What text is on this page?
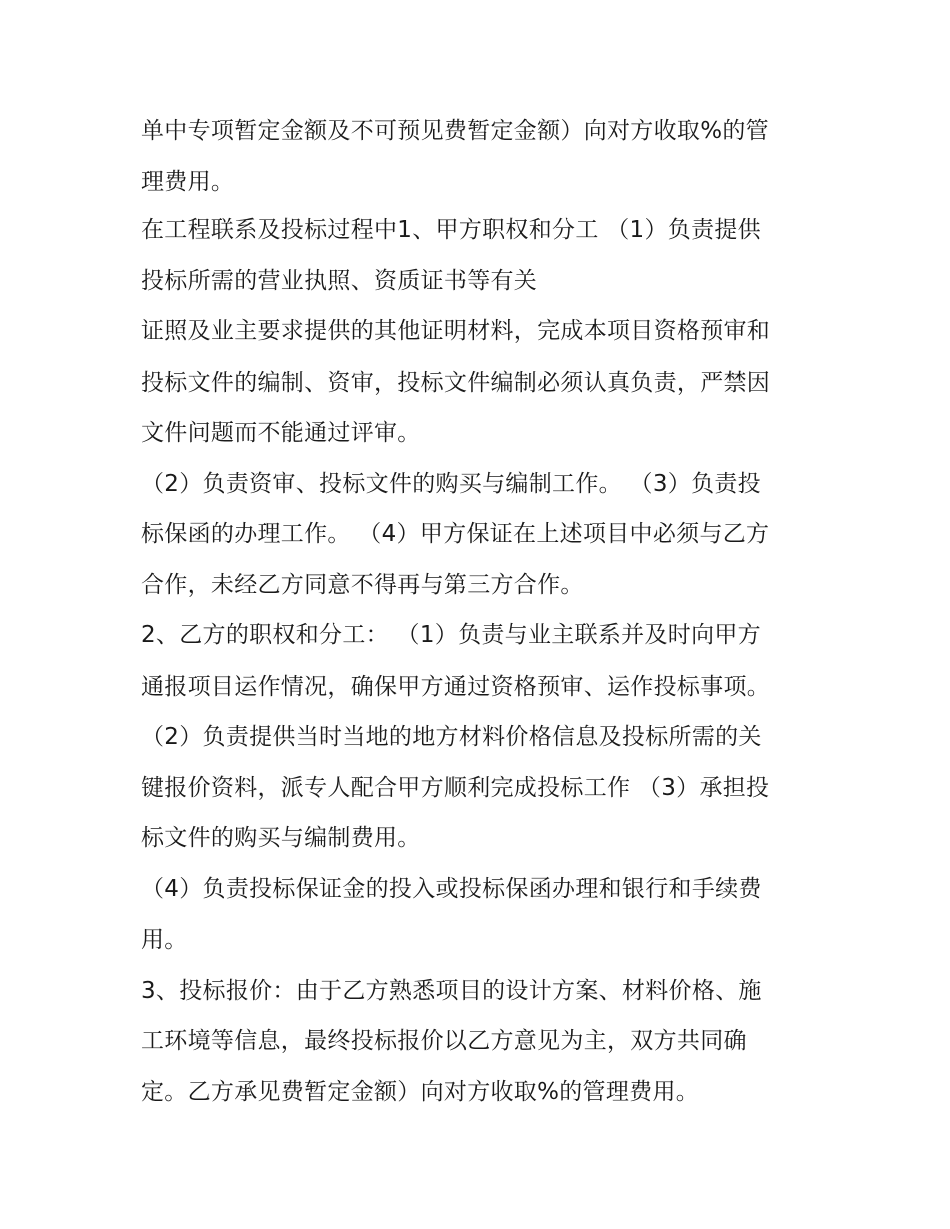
单中专项暂定金额及不可预见费暂定金额）向对方收取%的管

理费用。

在工程联系及投标过程中1、甲方职权和分工 （1）负责提供

投标所需的营业执照、资质证书等有关

证照及业主要求提供的其他证明材料，完成本项目资格预审和

投标文件的编制、资审，投标文件编制必须认真负责，严禁因

文件问题而不能通过评审。

（2）负责资审、投标文件的购买与编制工作。 （3）负责投

标保函的办理工作。 （4）甲方保证在上述项目中必须与乙方

合作，未经乙方同意不得再与第三方合作。

2、乙方的职权和分工： （1）负责与业主联系并及时向甲方

通报项目运作情况，确保甲方通过资格预审、运作投标事项。

（2）负责提供当时当地的地方材料价格信息及投标所需的关

键报价资料，派专人配合甲方顺利完成投标工作 （3）承担投

标文件的购买与编制费用。

（4）负责投标保证金的投入或投标保函办理和银行和手续费

用。

3、投标报价：由于乙方熟悉项目的设计方案、材料价格、施

工环境等信息，最终投标报价以乙方意见为主，双方共同确

定。乙方承见费暂定金额）向对方收取%的管理费用。
